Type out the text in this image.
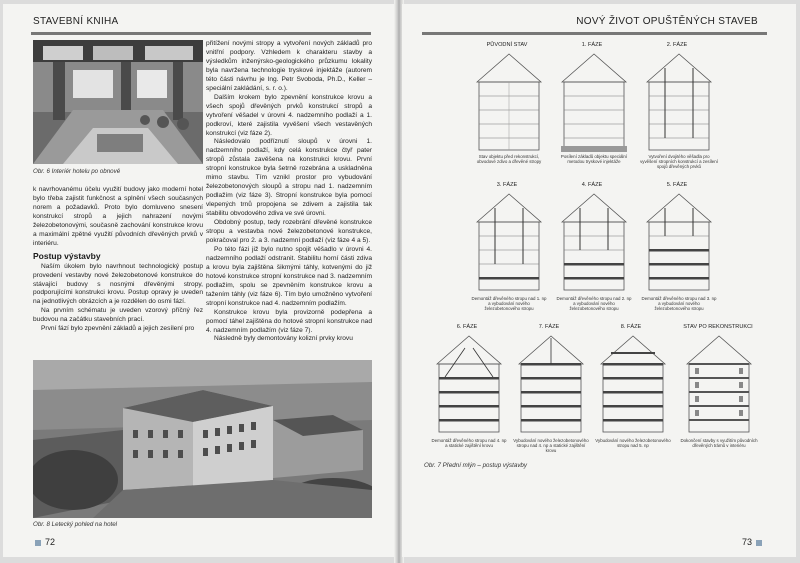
STAVEBNÍ KNIHA
Obr. 6 Interiér hotelu po obnově

k navrhovanému účelu využití budovy jako moderní hotel bylo třeba zajistit funkčnost a splnění všech současných norem a požadavků. Proto bylo domluveno snesení konstrukcí stropů a jejich nahrazení novými železobetonovými, současně zachování konstrukce krovu a maximální zpětné využití původních dřevěných prvků v interiéru.

Postup výstavby

Naším úkolem bylo navrhnout technologický postup provedení vestavby nové železobetonové konstrukce do stávající budovy s nosnými dřevěnými stropy, podporujícími konstrukci krovu. Postup opravy je uveden na jednotlivých obrázcích a je rozdělen do osmi fází.

Na prvním schématu je uveden vzorový příčný řez budovou na začátku stavebních prací.

První fází bylo zpevnění základů a jejich zesílení pro

přitížení novými stropy a vytvoření nových základů pro vnitřní podpory. Vzhledem k charakteru stavby a výsledkům inženýrsko-geologického průzkumu lokality byla navržena technologie tryskové injektáže (autorem této části návrhu je Ing. Petr Svoboda, Ph.D., Keller – speciální zakládání, s. r. o.).

Dalším krokem bylo zpevnění konstrukce krovu a všech spojů dřevěných prvků konstrukcí stropů a vytvoření věšadel v úrovni 4. nadzemního podlaží a 1. podkroví, které zajistila vyvěšení všech vestavěných konstrukcí (viz fáze 2).

Následovalo podříznutí sloupů v úrovni 1. nadzemního podlaží, kdy celá konstrukce čtyř pater stropů zůstala zavěšena na konstrukci krovu. První stropní konstrukce byla šetrně rozebrána a uskladněna mimo stavbu. Tím vznikl prostor pro vybudování železobetonových sloupů a stropu nad 1. nadzemním podlažím (viz fáze 3). Stropní konstrukce byla pomocí vlepených trnů propojena se zdivem a zajistila tak stabilitu obvodového zdiva ve své úrovni.

Obdobný postup, tedy rozebrání dřevěné konstrukce stropu a vestavba nové železobetonové konstrukce, pokračoval pro 2. a 3. nadzemní podlaží (viz fáze 4 a 5).

Po této fázi již bylo nutno spojit věšadlo v úrovni 4. nadzemního podlaží odstranit. Stabilitu horní části zdiva a krovu byla zajištěna šikmými táhly, kotvenými do již hotové konstrukce stropní konstrukce nad 3. nadzemním podlažím, spolu se zpevněním konstrukce krovu a tažením táhly (viz fáze 6). Tím bylo umožněno vytvoření stropní konstrukce nad 4. nadzemním podlažím.

Konstrukce krovu byla provizorně podepřena a pomocí táhel zajištěna do hotové stropní konstrukce nad 4. nadzemním podlažím (viz fáze 7).

Následně byly demontovány kolizní prvky krovu

Obr. 8 Letecký pohled na hotel
72
NOVÝ ŽIVOT OPUŠTĚNÝCH STAVEB
PŮVODNÍ STAV	1. FÁZE	2. FÁZE
Stav objektu před rekonstrukcí, obvodové zdivo a dřevěné stropy
Posílení základů objektu speciální metodou tryskové injektáže
Vytvoření dvojitého věšadla pro vyvěšení stropních konstrukcí a zesílení spojů dřevěných prvků
3. FÁZE	4. FÁZE	5. FÁZE
Demontáž dřevěného stropu nad 1. np a vybudování nového železobetonového stropu
Demontáž dřevěného stropu nad 2. np a vybudování nového železobetonového stropu
Demontáž dřevěného stropu nad 3. np a vybudování nového železobetonového stropu
6. FÁZE	7. FÁZE	8. FÁZE	STAV PO REKONSTRUKCI
Demontáž dřevěného stropu nad 4. np a statické zajištění krovu
Vybudování nového železobetonového stropu nad 4. np a statické zajištění krovu
Vybudování nového železobetonového stropu nad 5. np
Dokončení stavby s využitím původních dřevěných trámů v interiéru
Obr. 7 Přední mlýn – postup výstavby
73
